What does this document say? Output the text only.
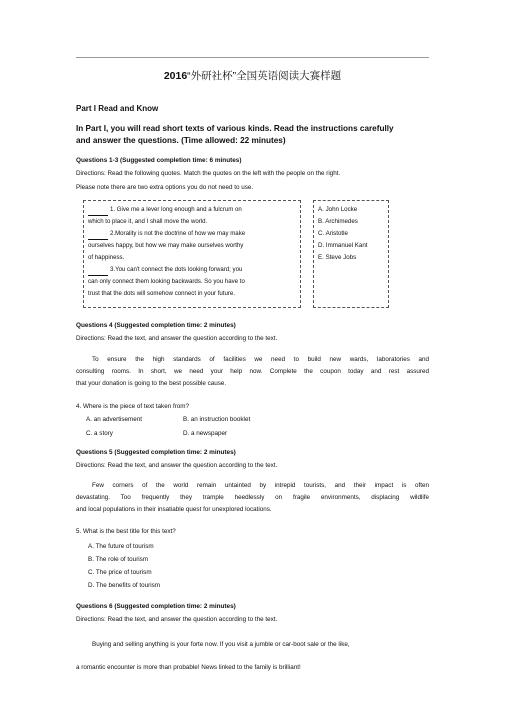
2016“外研社杯”全国英语阅读大赛样题
Part I Read and Know
In Part I, you will read short texts of various kinds. Read the instructions carefully
and answer the questions. (Time allowed: 22 minutes)
Questions 1-3 (Suggested completion time: 6 minutes)
Directions: Read the following quotes. Match the quotes on the left with the people on the right.
Please note there are two extra options you do not need to use.
1. Give me a lever long enough and a fulcrum on
which to place it, and I shall move the world.
2.Morality is not the doctrine of how we may make
ourselves happy, but how we may make ourselves worthy
of happiness.
3.You can't connect the dots looking forward; you
can only connect them looking backwards. So you have to
trust that the dots will somehow connect in your future.
A. John Locke
B. Archimedes
C. Aristotle
D. Immanuel Kant
E. Steve Jobs
Questions 4 (Suggested completion time: 2 minutes)
Directions: Read the text, and answer the question according to the text.
To ensure the high standards of facilities we need to build new wards, laboratories and
consulting rooms. In short, we need your help now. Complete the coupon today and rest assured
that your donation is going to the best possible cause.
4. Where is the piece of text taken from?
A. an advertisement	B. an instruction booklet
C. a story	D. a newspaper
Questions 5 (Suggested completion time: 2 minutes)
Directions: Read the text, and answer the question according to the text.
Few corners of the world remain untainted by intrepid tourists, and their impact is often
devastating. Too frequently they trample heedlessly on fragile environments, displacing wildlife
and local populations in their insatiable quest for unexplored locations.
5. What is the best title for this text?
A. The future of tourism
B. The role of tourism
C. The price of tourism
D. The benefits of tourism
Questions 6 (Suggested completion time: 2 minutes)
Directions: Read the text, and answer the question according to the text.
Buying and selling anything is your forte now. If you visit a jumble or car-boot sale or the like,
a romantic encounter is more than probable! News linked to the family is brilliant!
